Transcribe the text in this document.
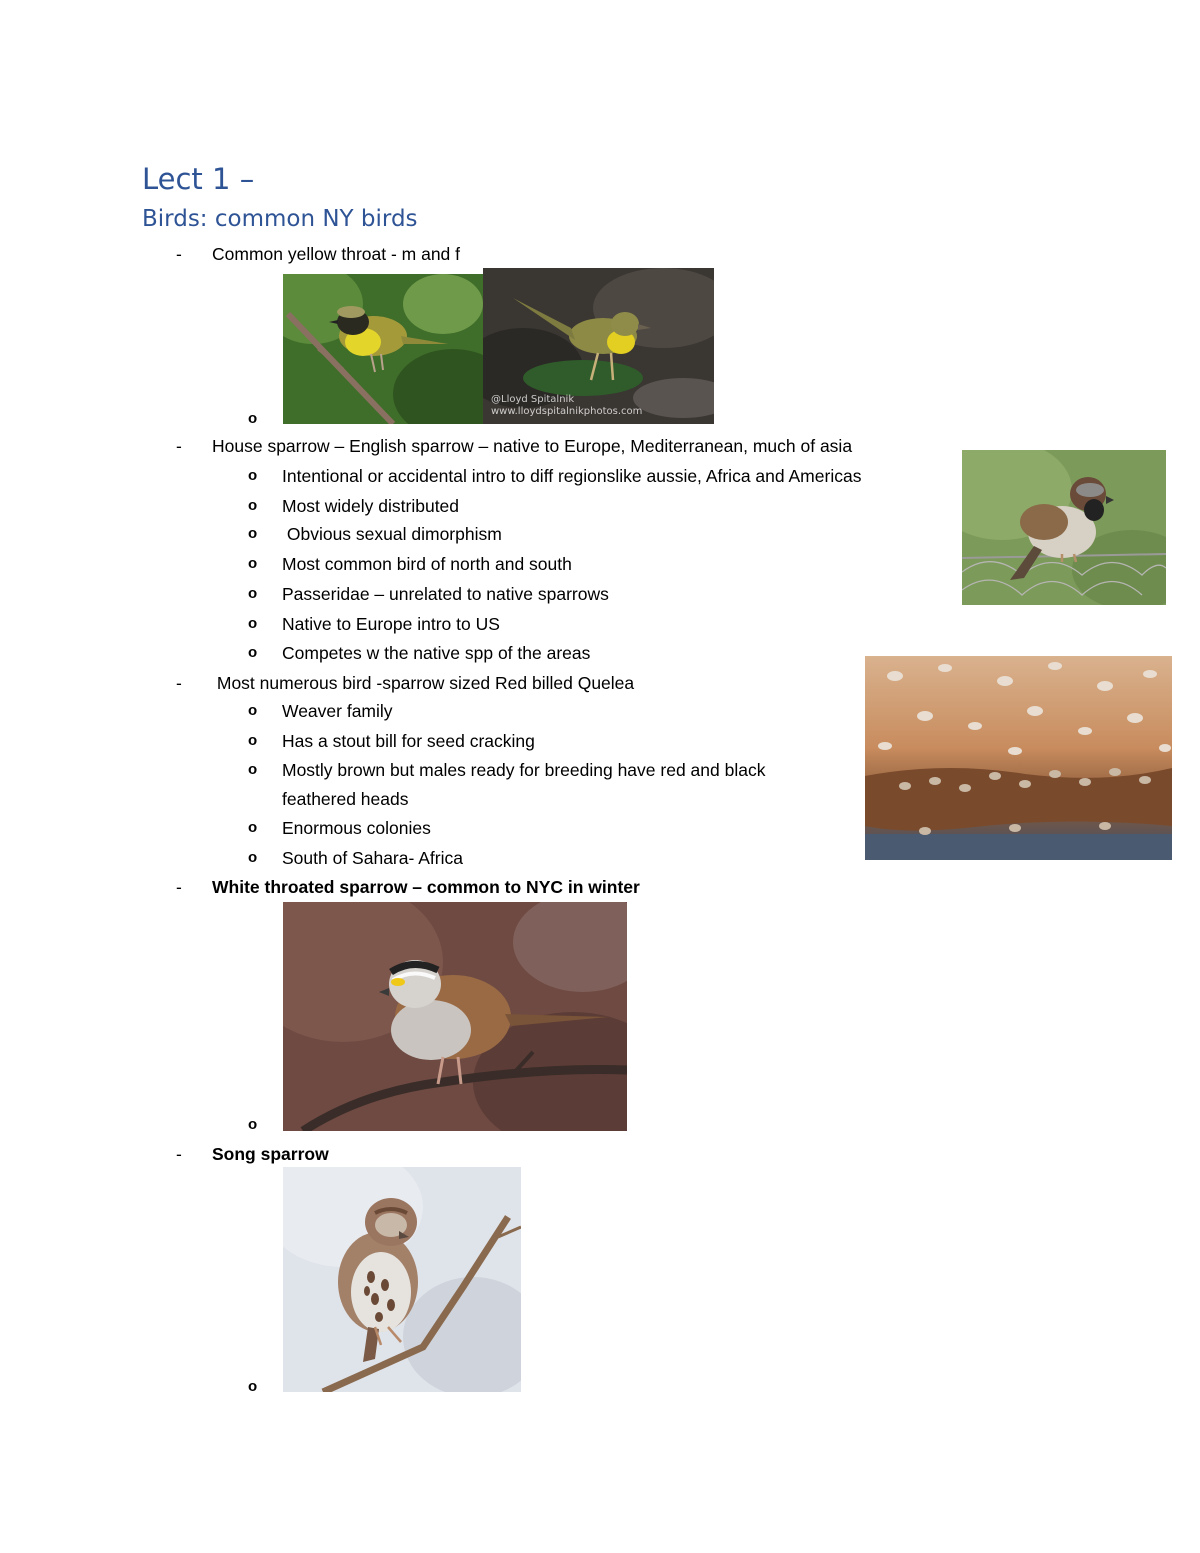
Lect 1 –
Birds: common NY birds
- Common yellow throat - m and f
@Lloyd Spitalnik
www.lloydspitalnikphotos.com
o
- House sparrow – English sparrow – native to Europe, Mediterranean, much of asia
o Intentional or accidental intro to diff regionslike aussie, Africa and Americas
o Most widely distributed
o Obvious sexual dimorphism
o Most common bird of north and south
o Passeridae – unrelated to native sparrows
o Native to Europe intro to US
o Competes w the native spp of the areas
- Most numerous bird -sparrow sized Red billed Quelea
o Weaver family
o Has a stout bill for seed cracking
o Mostly brown but males ready for breeding have red and black
feathered heads
o Enormous colonies
o South of Sahara- Africa
- White throated sparrow – common to NYC in winter
o
- Song sparrow
o
